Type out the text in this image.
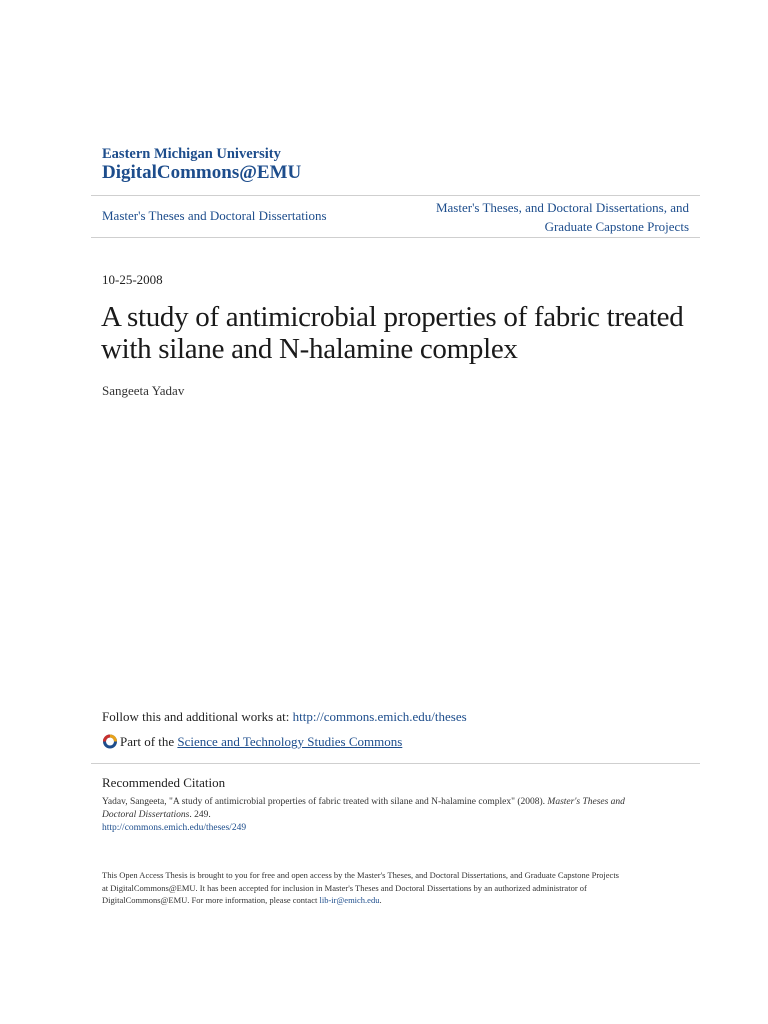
Eastern Michigan University
DigitalCommons@EMU
Master's Theses and Doctoral Dissertations
Master's Theses, and Doctoral Dissertations, and
Graduate Capstone Projects
10-25-2008
A study of antimicrobial properties of fabric treated
with silane and N-halamine complex
Sangeeta Yadav
Follow this and additional works at: http://commons.emich.edu/theses
Part of the Science and Technology Studies Commons
Recommended Citation
Yadav, Sangeeta, "A study of antimicrobial properties of fabric treated with silane and N-halamine complex" (2008). Master's Theses and
Doctoral Dissertations. 249.
http://commons.emich.edu/theses/249
This Open Access Thesis is brought to you for free and open access by the Master's Theses, and Doctoral Dissertations, and Graduate Capstone Projects
at DigitalCommons@EMU. It has been accepted for inclusion in Master's Theses and Doctoral Dissertations by an authorized administrator of
DigitalCommons@EMU. For more information, please contact lib-ir@emich.edu.
